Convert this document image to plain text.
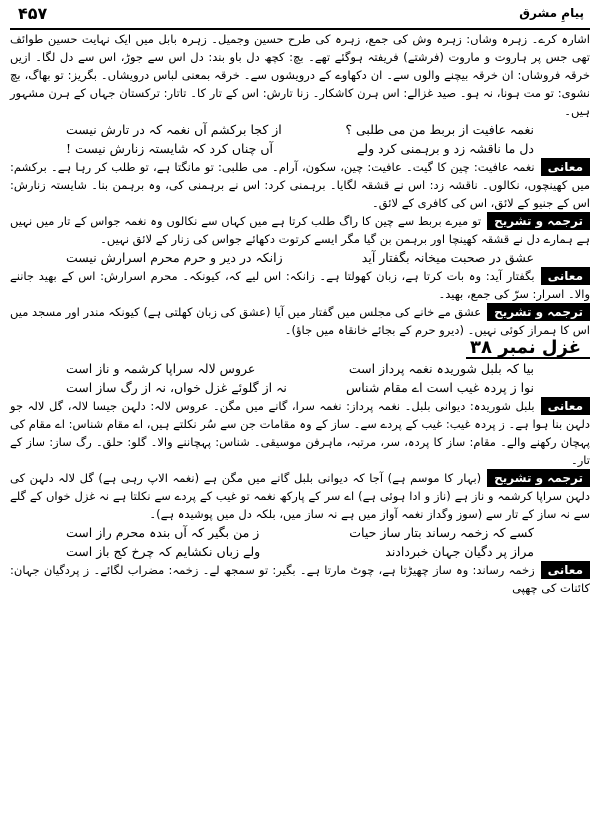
پیامِ مشرق
۴۵۷

اشارہ کرے۔ زہرہ وشاں: زہرہ وش کی جمع، زہرہ کی طرح حسین وجمیل۔ زہرہ بابل میں ایک نہایت حسین طوائف تھی جس پر ہاروت و ماروت (فرشتے) فریفتہ ہوگئے تھے۔ بچ: کچھ دل باو بند: دل اس سے جوڑ، اس سے دل لگا۔ ازیں خرقہ فروشاں: ان خرقہ بیچنے والوں سے۔ ان دکھاوے کے درویشوں سے۔ خرقہ بمعنی لباس درویشاں۔ بگریز: تو بھاگ، بچ نشوی: تو مت ہونا، نہ ہو۔ صید غزالے: اس ہرن کاشکار۔ زنا تارش: اس کے تار کا۔ تاتار: ترکستان جہاں کے ہرن مشہور ہیں۔

نغمہ عافیت از بربط من می طلبی ؟
از کجا برکشم آں نغمہ کہ در تارش نیست
دل ما ناقشہ زد و برہمنی کرد ولے
آں چناں کرد کہ شایستہ زنارش نیست !

معانینغمہ عافیت: چین کا گیت۔ عافیت: چین، سکون، آرام۔ می طلبی: تو مانگتا ہے، تو طلب کر رہا ہے۔ برکشم: میں کھینچوں، نکالوں۔ ناقشہ زد: اس نے قشقہ لگایا۔ برہمنی کرد: اس نے برہمنی کی، وہ برہمن بنا۔ شایستہ زنارش: اس کے جنیو کے لائق، اس کی کافری کے لائق۔

ترجمہ و تشریحتو میرے بربط سے چین کا راگ طلب کرتا ہے میں کہاں سے نکالوں وہ نغمہ جواس کے تار میں نہیں ہے ہمارے دل نے قشقہ کھینچا اور برہمن بن گیا مگر ایسے کرتوت دکھائے جواس کی زنار کے لائق نہیں۔

عشق در صحبت میخانہ بگفتار آید
زانکہ در دیر و حرم محرم اسرارش نیست

معانیبگفتار آید: وہ بات کرتا ہے، زبان کھولتا ہے۔ زانکہ: اس لیے کہ، کیونکہ۔ محرم اسرارش: اس کے بھید جاننے والا۔ اسرار: سرّ کی جمع، بھید۔

ترجمہ و تشریحعشق مے خانے کی مجلس میں گفتار میں آیا (عشق کی زبان کھلتی ہے) کیونکہ مندر اور مسجد میں اس کا ہمراز کوئی نہیں۔ (دیرو حرم کے بجائے خانقاہ میں جاؤ)۔

غزل نمبر ۳۸
بیا کہ بلبل شوریدہ نغمہ پرداز است
عروس لالہ سراپا کرشمہ و ناز است
نوا ز پردہ غیب است اے مقام شناس
نہ از گلوئے غزل خواں، نہ از رگ ساز است

معانیبلبل شوریدہ: دیوانی بلبل۔ نغمہ پرداز: نغمہ سرا، گانے میں مگن۔ عروس لالہ: دلہن جیسا لالہ، گل لالہ جو دلہن بنا ہوا ہے۔ ز پردہ غیب: غیب کے پردے سے۔ ساز کے وہ مقامات جن سے سُر نکلتے ہیں، اے مقام شناس: اے مقام کی پہچان رکھنے والے۔ مقام: ساز کا پردہ، سر، مرتبہ، ماہرفن موسیقی۔ شناس: پہچاننے والا۔ گلو: حلق۔ رگ ساز: ساز کے تار۔

ترجمہ و تشریح(بہار کا موسم ہے) آجا کہ دیوانی بلبل گانے میں مگن ہے (نغمہ الاپ رہی ہے) گل لالہ دلہن کی دلہن سراپا کرشمہ و ناز ہے (ناز و ادا ہوئی ہے) اے سر کے پارکھ نغمہ تو غیب کے پردے سے نکلتا ہے نہ غزل خواں کے گلے سے نہ ساز کے تار سے (سوز وگداز نغمہ آواز میں ہے نہ ساز میں، بلکہ دل میں پوشیدہ ہے)۔

کسے کہ زخمہ رساند بتار ساز حیات
ز من بگیر کہ آں بندہ محرم راز است
مراز پر دگیان جہان خبردادند
ولے زباں نکشایم کہ چرخ کج باز است

معانیزخمہ رساند: وہ ساز چھیڑتا ہے، چوٹ مارتا ہے۔ بگیر: تو سمجھ لے۔ زخمہ: مضراب لگائے۔ ز پردگیان جہان: کائنات کی چھپی
